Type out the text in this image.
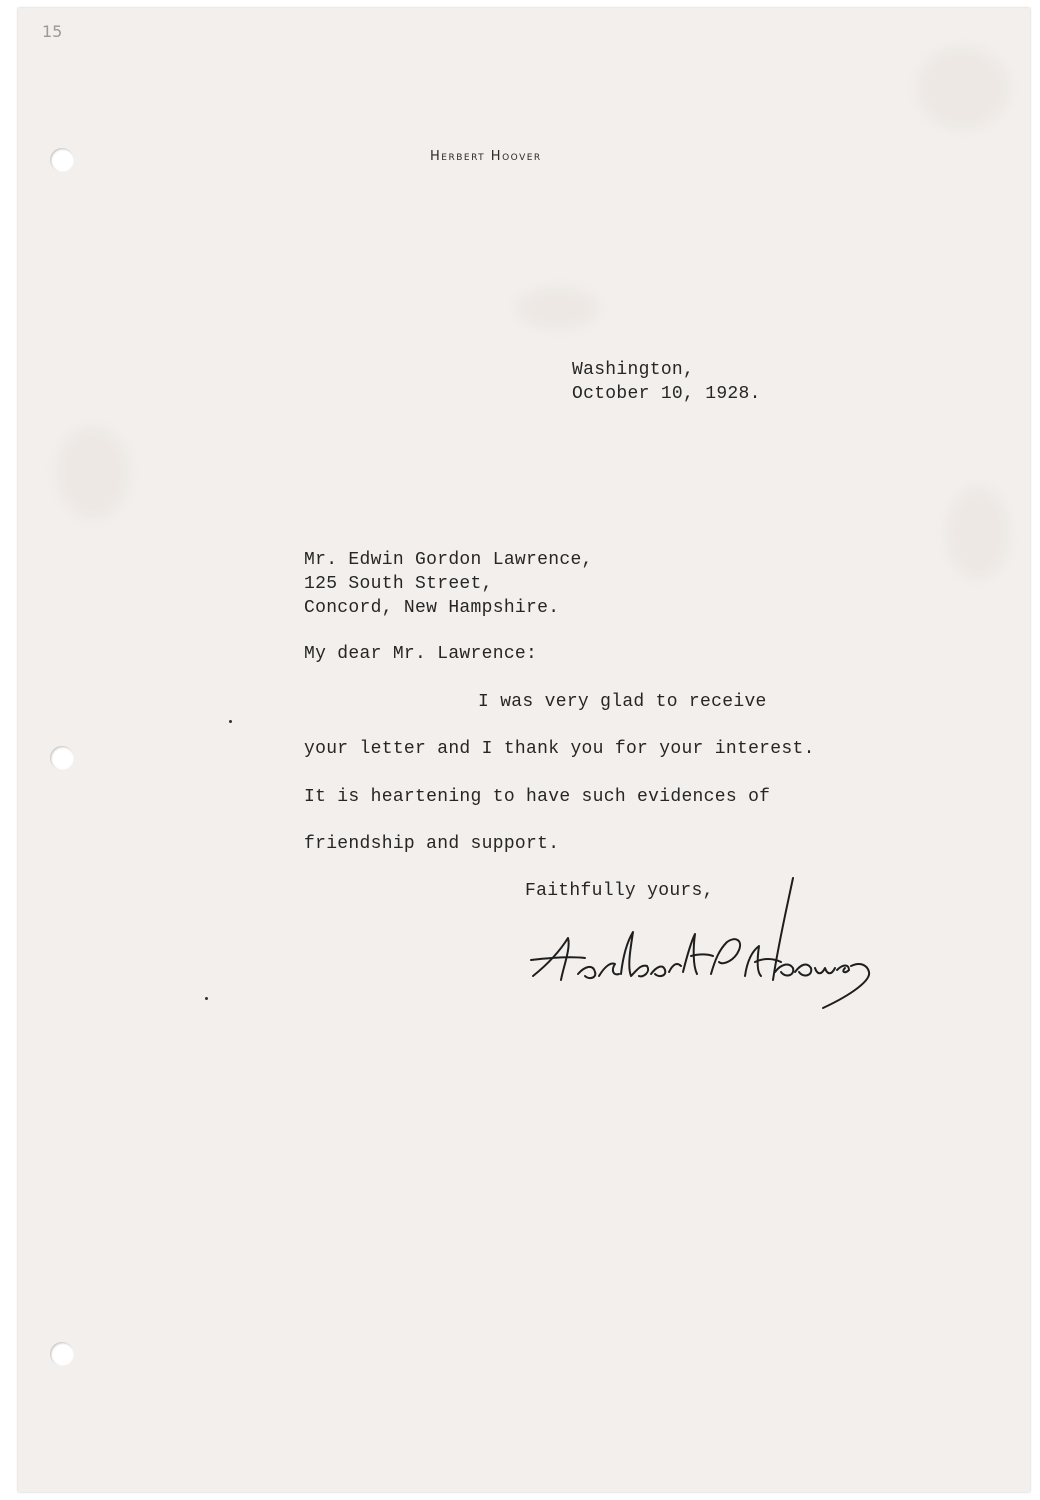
15
Herbert Hoover
Washington,
October 10, 1928.
Mr. Edwin Gordon Lawrence,
125 South Street,
Concord, New Hampshire.
My dear Mr. Lawrence:
I was very glad to receive
your letter and I thank you for your interest.
It is heartening to have such evidences of
friendship and support.
Faithfully yours,
